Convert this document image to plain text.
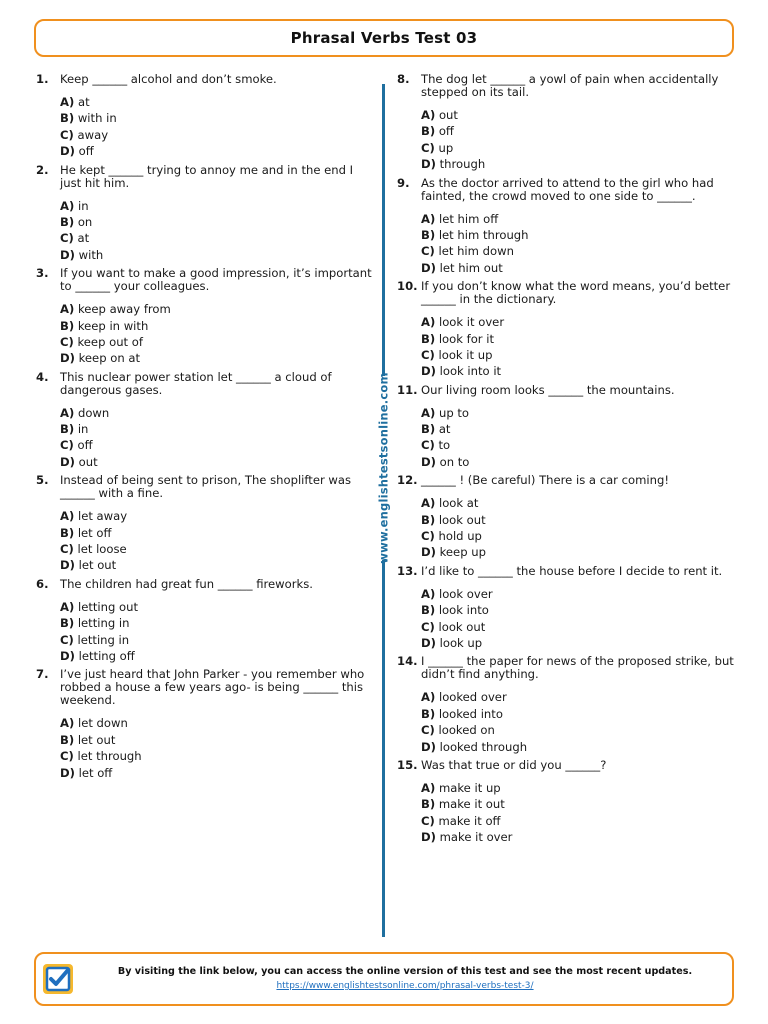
Phrasal Verbs Test 03
1. Keep ______ alcohol and don’t smoke.
A) at
B) with in
C) away
D) off
2. He kept ______ trying to annoy me and in the end I just hit him.
A) in
B) on
C) at
D) with
3. If you want to make a good impression, it’s important to ______ your colleagues.
A) keep away from
B) keep in with
C) keep out of
D) keep on at
4. This nuclear power station let ______ a cloud of dangerous gases.
A) down
B) in
C) off
D) out
5. Instead of being sent to prison, The shoplifter was ______ with a fine.
A) let away
B) let off
C) let loose
D) let out
6. The children had great fun ______ fireworks.
A) letting out
B) letting in
C) letting in
D) letting off
7. I’ve just heard that John Parker - you remember who robbed a house a few years ago- is being ______ this weekend.
A) let down
B) let out
C) let through
D) let off
8. The dog let ______ a yowl of pain when accidentally stepped on its tail.
A) out
B) off
C) up
D) through
9. As the doctor arrived to attend to the girl who had fainted, the crowd moved to one side to ______.
A) let him off
B) let him through
C) let him down
D) let him out
10. If you don’t know what the word means, you’d better ______ in the dictionary.
A) look it over
B) look for it
C) look it up
D) look into it
11. Our living room looks ______ the mountains.
A) up to
B) at
C) to
D) on to
12. ______ ! (Be careful) There is a car coming!
A) look at
B) look out
C) hold up
D) keep up
13. I’d like to ______ the house before I decide to rent it.
A) look over
B) look into
C) look out
D) look up
14. I ______ the paper for news of the proposed strike, but didn’t find anything.
A) looked over
B) looked into
C) looked on
D) looked through
15. Was that true or did you ______?
A) make it up
B) make it out
C) make it off
D) make it over
www.englishtestsonline.com
By visiting the link below, you can access the online version of this test and see the most recent updates.
https://www.englishtestsonline.com/phrasal-verbs-test-3/
